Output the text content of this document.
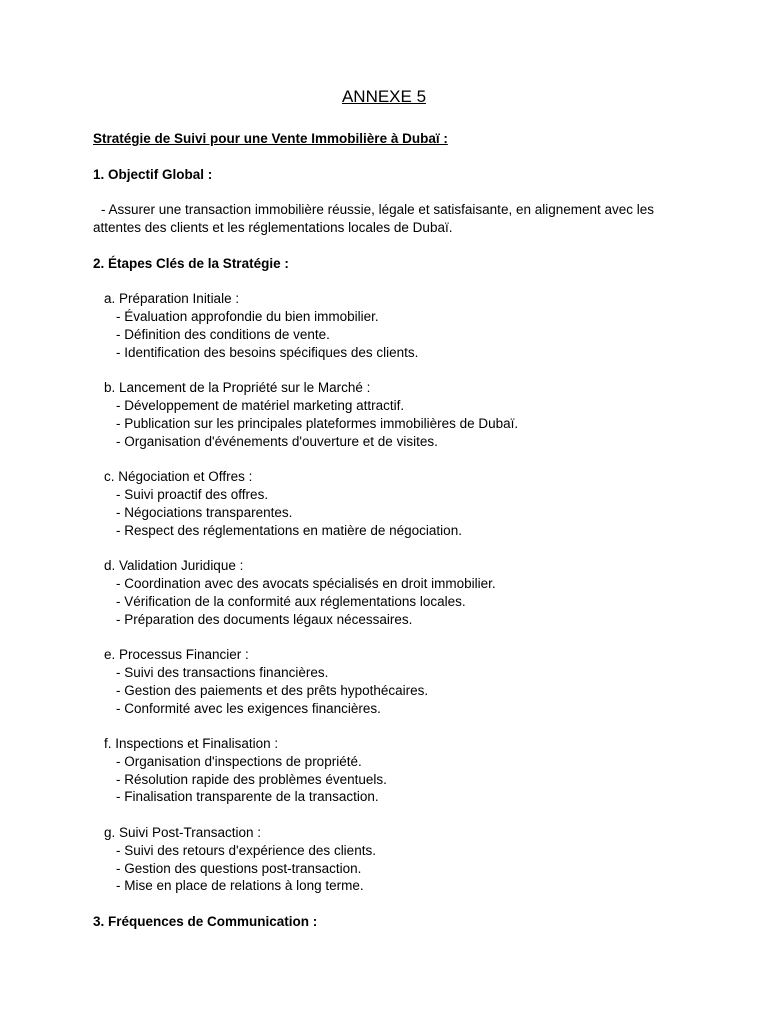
ANNEXE 5
Stratégie de Suivi pour une Vente Immobilière à Dubaï :
1. Objectif Global :
- Assurer une transaction immobilière réussie, légale et satisfaisante, en alignement avec les attentes des clients et les réglementations locales de Dubaï.
2. Étapes Clés de la Stratégie :
a. Préparation Initiale :
- Évaluation approfondie du bien immobilier.
- Définition des conditions de vente.
- Identification des besoins spécifiques des clients.
b. Lancement de la Propriété sur le Marché :
- Développement de matériel marketing attractif.
- Publication sur les principales plateformes immobilières de Dubaï.
- Organisation d'événements d'ouverture et de visites.
c. Négociation et Offres :
- Suivi proactif des offres.
- Négociations transparentes.
- Respect des réglementations en matière de négociation.
d. Validation Juridique :
- Coordination avec des avocats spécialisés en droit immobilier.
- Vérification de la conformité aux réglementations locales.
- Préparation des documents légaux nécessaires.
e. Processus Financier :
- Suivi des transactions financières.
- Gestion des paiements et des prêts hypothécaires.
- Conformité avec les exigences financières.
f. Inspections et Finalisation :
- Organisation d'inspections de propriété.
- Résolution rapide des problèmes éventuels.
- Finalisation transparente de la transaction.
g. Suivi Post-Transaction :
- Suivi des retours d'expérience des clients.
- Gestion des questions post-transaction.
- Mise en place de relations à long terme.
3. Fréquences de Communication :
